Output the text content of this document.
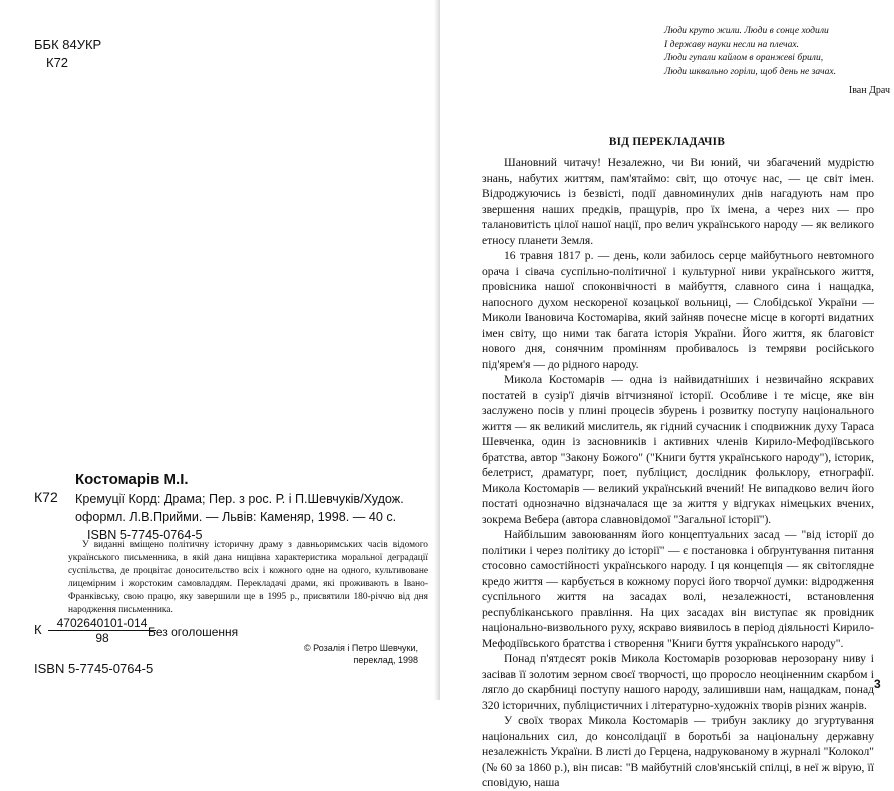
ББК 84УКР
К72
Костомарів М.І.
К72 Кремуції Корд: Драма; Пер. з рос. Р. і П.Шевчуків/Худож.
оформл. Л.В.Прийми. — Львів: Каменяр, 1998. — 40 с.
ISBN 5-7745-0764-5
У виданні вміщено політичну історичну драму з давньоримських часів відомого українського письменника, в якій дана нищівна характеристика моральної деградації суспільства, де процвітає доносительство всіх і кожного одне на одного, культивоване лицемірним і жорстоким самовладдям. Перекладачі драми, які проживають в Івано-Франківську, свою працю, яку завершили ще в 1995 р., присвятили 180-річчю від дня народження письменника.
К $\frac{4702640101-014}{98}$
Без оголошення
© Розалія і Петро Шевчуки,
переклад, 1998
ISBN 5-7745-0764-5
Люди круто жили. Люди в сонце ходили
І державу науки несли на плечах.
Люди гупали кайлом в оранжеві брили,
Люди шквально горіли, щоб день не зачах.
Іван Драч
ВІД ПЕРЕКЛАДАЧІВ

Шановний читачу! Незалежно, чи Ви юний, чи збагачений мудрістю знань, набутих життям, пам'ятаймо: світ, що оточує нас, — це світ імен. Відроджуючись із безвісті, події давноминулих днів нагадують нам про звершення наших предків, пращурів, про їх імена, а через них — про талановитість цілої нашої нації, про велич українського народу — як великого етносу планети Земля.

16 травня 1817 р. — день, коли забилось серце майбутнього невтомного орача і сівача суспільно-політичної і культурної ниви українського життя, провісника нашої споконвічності в майбуття, славного сина і нащадка, напосного духом нескореної козацької вольниці, — Слобідської України — Миколи Івановича Костомаріва, який зайняв почесне місце в когорті видатних імен світу, що ними так багата історія України. Його життя, як благовіст нового дня, сонячним промінням пробивалось із темряви російського під'ярем'я — до рідного народу.

Микола Костомарів — одна із найвидатніших і незвичайно яскравих постатей в сузір'ї діячів вітчизняної історії. Особливе і те місце, яке він заслужено посів у плині процесів збурень і розвитку поступу національного життя — як великий мислитель, як гідний сучасник і сподвижник духу Тараса Шевченка, один із засновників і активних членів Кирило-Мефодіївського братства, автор "Закону Божого" ("Книги буття українського народу"), історик, белетрист, драматург, поет, публіцист, дослідник фольклору, етнографії. Микола Костомарів — великий український вчений! Не випадково велич його постаті однозначно відзначалася ще за життя у відгуках німецьких вчених, зокрема Вебера (автора славновідомої "Загальної історії").

Найбільшим завоюванням його концептуальних засад — "від історії до політики і через політику до історії" — є постановка і обґрунтування питання стосовно самостійності українського народу. І ця концепція — як світоглядне кредо життя — карбується в кожному порусі його творчої думки: відродження суспільного життя на засадах волі, незалежності, встановлення республіканського правління. На цих засадах він виступає як провідник національно-визвольного руху, яскраво виявилось в період діяльності Кирило-Мефодіївського братства і створення "Книги буття українського народу".

Понад п'ятдесят років Микола Костомарів розорював нерозорану ниву і засівав її золотим зерном своєї творчості, що проросло неоціненним скарбом і лягло до скарбниці поступу нашого народу, залишивши нам, нащадкам, понад 320 історичних, публіцистичних і літературно-художніх творів різних жанрів.

У своїх творах Микола Костомарів — трибун заклику до згуртування національних сил, до консолідації в боротьбі за національну державну незалежність України. В листі до Герцена, надрукованому в журналі "Колокол" (№ 60 за 1860 р.), він писав: "В майбутній слов'янській спілці, в неї ж вірую, її сповідую, наша

3
